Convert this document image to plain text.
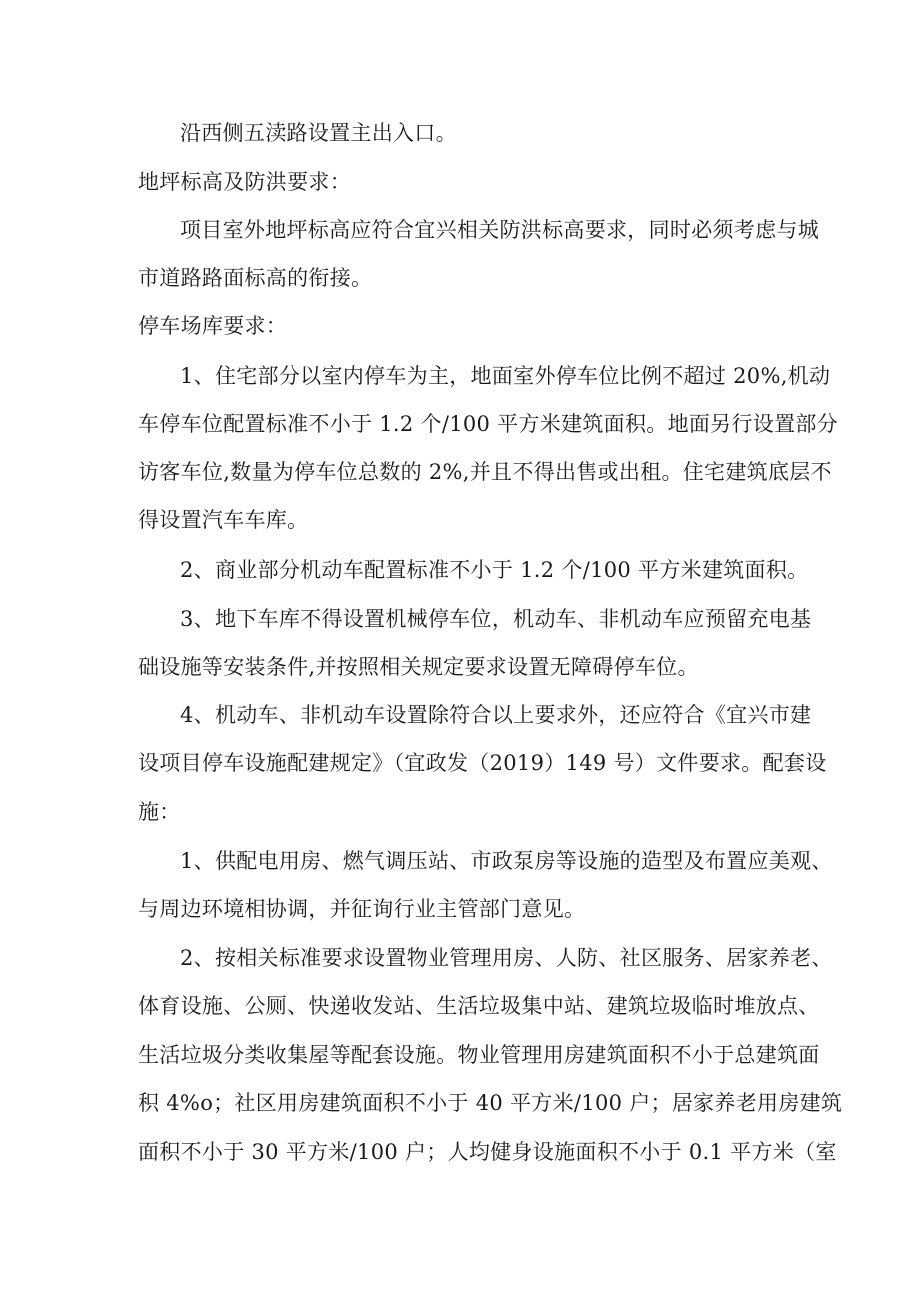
沿西侧五渎路设置主出入口。
地坪标高及防洪要求：
项目室外地坪标高应符合宜兴相关防洪标高要求，同时必须考虑与城
市道路路面标高的衔接。
停车场库要求：
1、住宅部分以室内停车为主，地面室外停车位比例不超过 20%,机动
车停车位配置标准不小于 1.2 个/100 平方米建筑面积。地面另行设置部分
访客车位,数量为停车位总数的 2%,并且不得出售或出租。住宅建筑底层不
得设置汽车车库。
2、商业部分机动车配置标准不小于 1.2 个/100 平方米建筑面积。
3、地下车库不得设置机械停车位，机动车、非机动车应预留充电基
础设施等安装条件,并按照相关规定要求设置无障碍停车位。
4、机动车、非机动车设置除符合以上要求外，还应符合《宜兴市建
设项目停车设施配建规定》（宜政发（2019）149 号）文件要求。配套设
施：
1、供配电用房、燃气调压站、市政泵房等设施的造型及布置应美观、
与周边环境相协调，并征询行业主管部门意见。
2、按相关标准要求设置物业管理用房、人防、社区服务、居家养老、
体育设施、公厕、快递收发站、生活垃圾集中站、建筑垃圾临时堆放点、
生活垃圾分类收集屋等配套设施。物业管理用房建筑面积不小于总建筑面
积 4%o；社区用房建筑面积不小于 40 平方米/100 户；居家养老用房建筑
面积不小于 30 平方米/100 户；人均健身设施面积不小于 0.1 平方米（室
